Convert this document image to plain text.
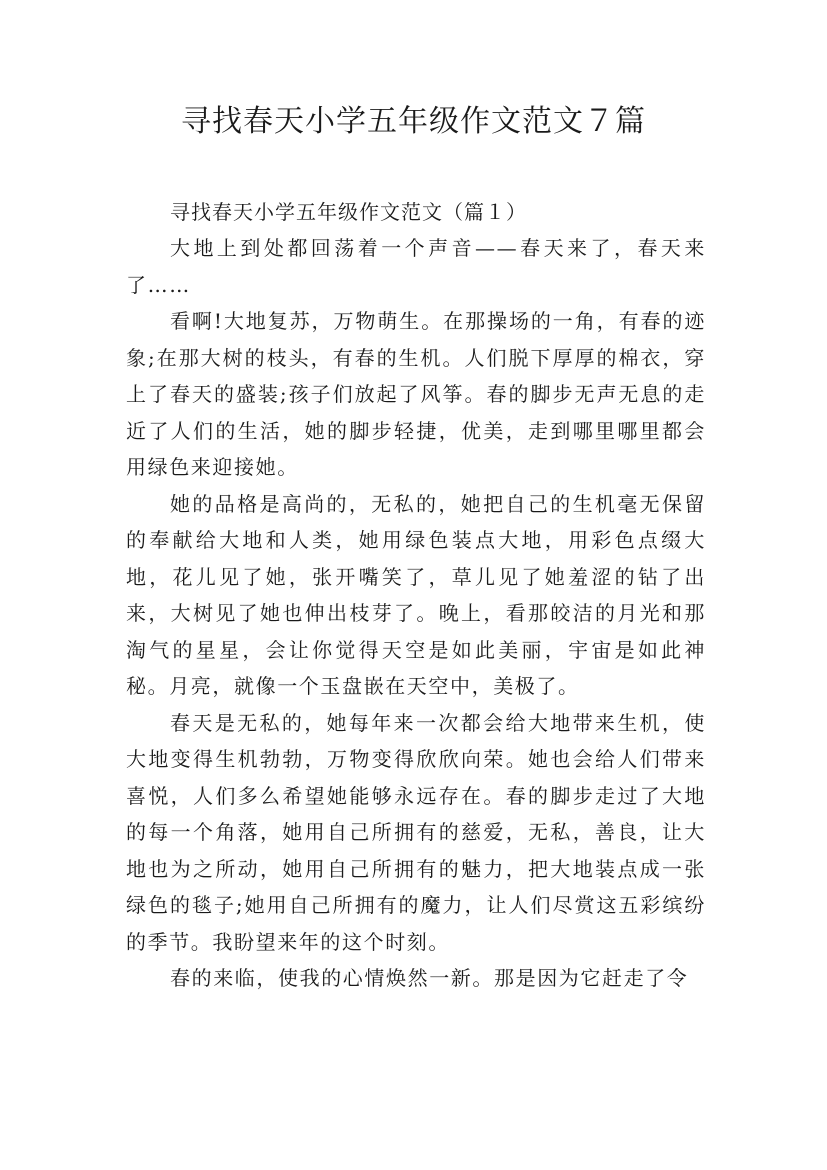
寻找春天小学五年级作文范文７篇

寻找春天小学五年级作文范文（篇１）

大地上到处都回荡着一个声音——春天来了，春天来了……

看啊!大地复苏，万物萌生。在那操场的一角，有春的迹象;在那大树的枝头，有春的生机。人们脱下厚厚的棉衣，穿上了春天的盛装;孩子们放起了风筝。春的脚步无声无息的走近了人们的生活，她的脚步轻捷，优美，走到哪里哪里都会用绿色来迎接她。

她的品格是高尚的，无私的，她把自己的生机毫无保留的奉献给大地和人类，她用绿色装点大地，用彩色点缀大地，花儿见了她，张开嘴笑了，草儿见了她羞涩的钻了出来，大树见了她也伸出枝芽了。晚上，看那皎洁的月光和那淘气的星星，会让你觉得天空是如此美丽，宇宙是如此神秘。月亮，就像一个玉盘嵌在天空中，美极了。

春天是无私的，她每年来一次都会给大地带来生机，使大地变得生机勃勃，万物变得欣欣向荣。她也会给人们带来喜悦，人们多么希望她能够永远存在。春的脚步走过了大地的每一个角落，她用自己所拥有的慈爱，无私，善良，让大地也为之所动，她用自己所拥有的魅力，把大地装点成一张绿色的毯子;她用自己所拥有的魔力，让人们尽赏这五彩缤纷的季节。我盼望来年的这个时刻。

春的来临，使我的心情焕然一新。那是因为它赶走了令
